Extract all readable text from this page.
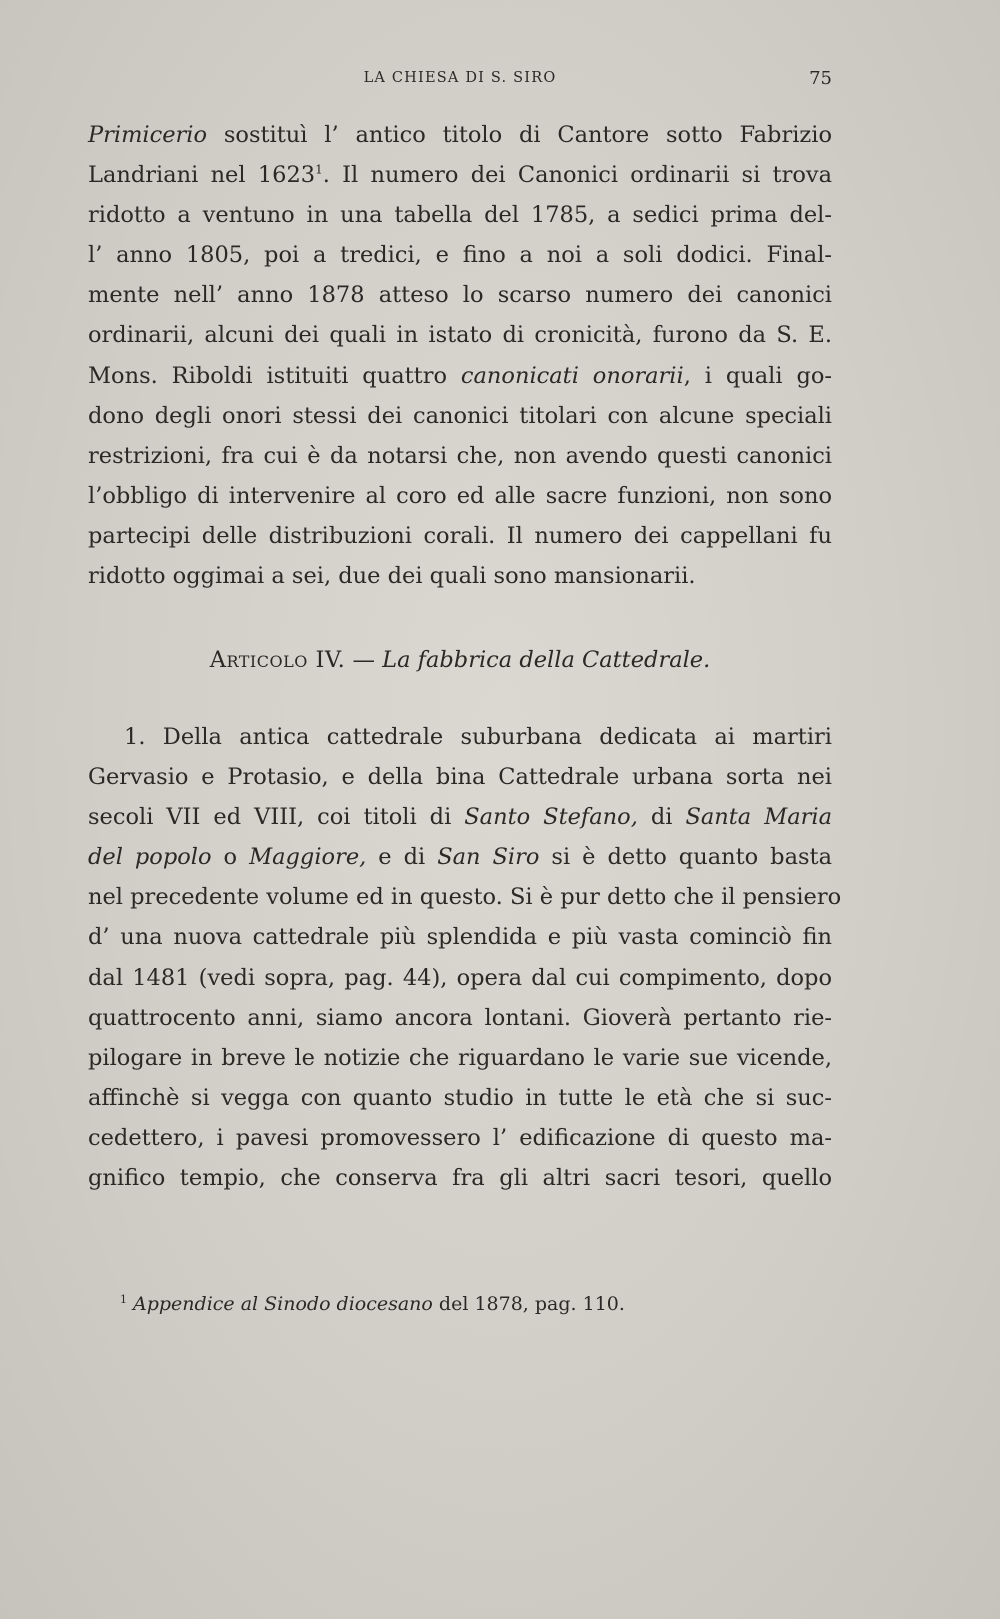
LA CHIESA DI S. SIRO	75
Primicerio sostituì l’ antico titolo di Cantore sotto Fabrizio
Landriani nel 1623$^1$. Il numero dei Canonici ordinarii si trova
ridotto a ventuno in una tabella del 1785, a sedici prima del-
l’ anno 1805, poi a tredici, e fino a noi a soli dodici. Final-
mente nell’ anno 1878 atteso lo scarso numero dei canonici
ordinarii, alcuni dei quali in istato di cronicità, furono da S. E.
Mons. Riboldi istituiti quattro canonicati onorarii, i quali go-
dono degli onori stessi dei canonici titolari con alcune speciali
restrizioni, fra cui è da notarsi che, non avendo questi canonici
l’obbligo di intervenire al coro ed alle sacre funzioni, non sono
partecipi delle distribuzioni corali. Il numero dei cappellani fu
ridotto oggimai a sei, due dei quali sono mansionarii.
Articolo IV. — La fabbrica della Cattedrale.
1. Della antica cattedrale suburbana dedicata ai martiri
Gervasio e Protasio, e della bina Cattedrale urbana sorta nei
secoli VII ed VIII, coi titoli di Santo Stefano, di Santa Maria
del popolo o Maggiore, e di San Siro si è detto quanto basta
nel precedente volume ed in questo. Si è pur detto che il pensiero
d’ una nuova cattedrale più splendida e più vasta cominciò fin
dal 1481 (vedi sopra, pag. 44), opera dal cui compimento, dopo
quattrocento anni, siamo ancora lontani. Gioverà pertanto rie-
pilogare in breve le notizie che riguardano le varie sue vicende,
affinchè si vegga con quanto studio in tutte le età che si suc-
cedettero, i pavesi promovessero l’ edificazione di questo ma-
gnifico tempio, che conserva fra gli altri sacri tesori, quello
$^1$ Appendice al Sinodo diocesano del 1878, pag. 110.
